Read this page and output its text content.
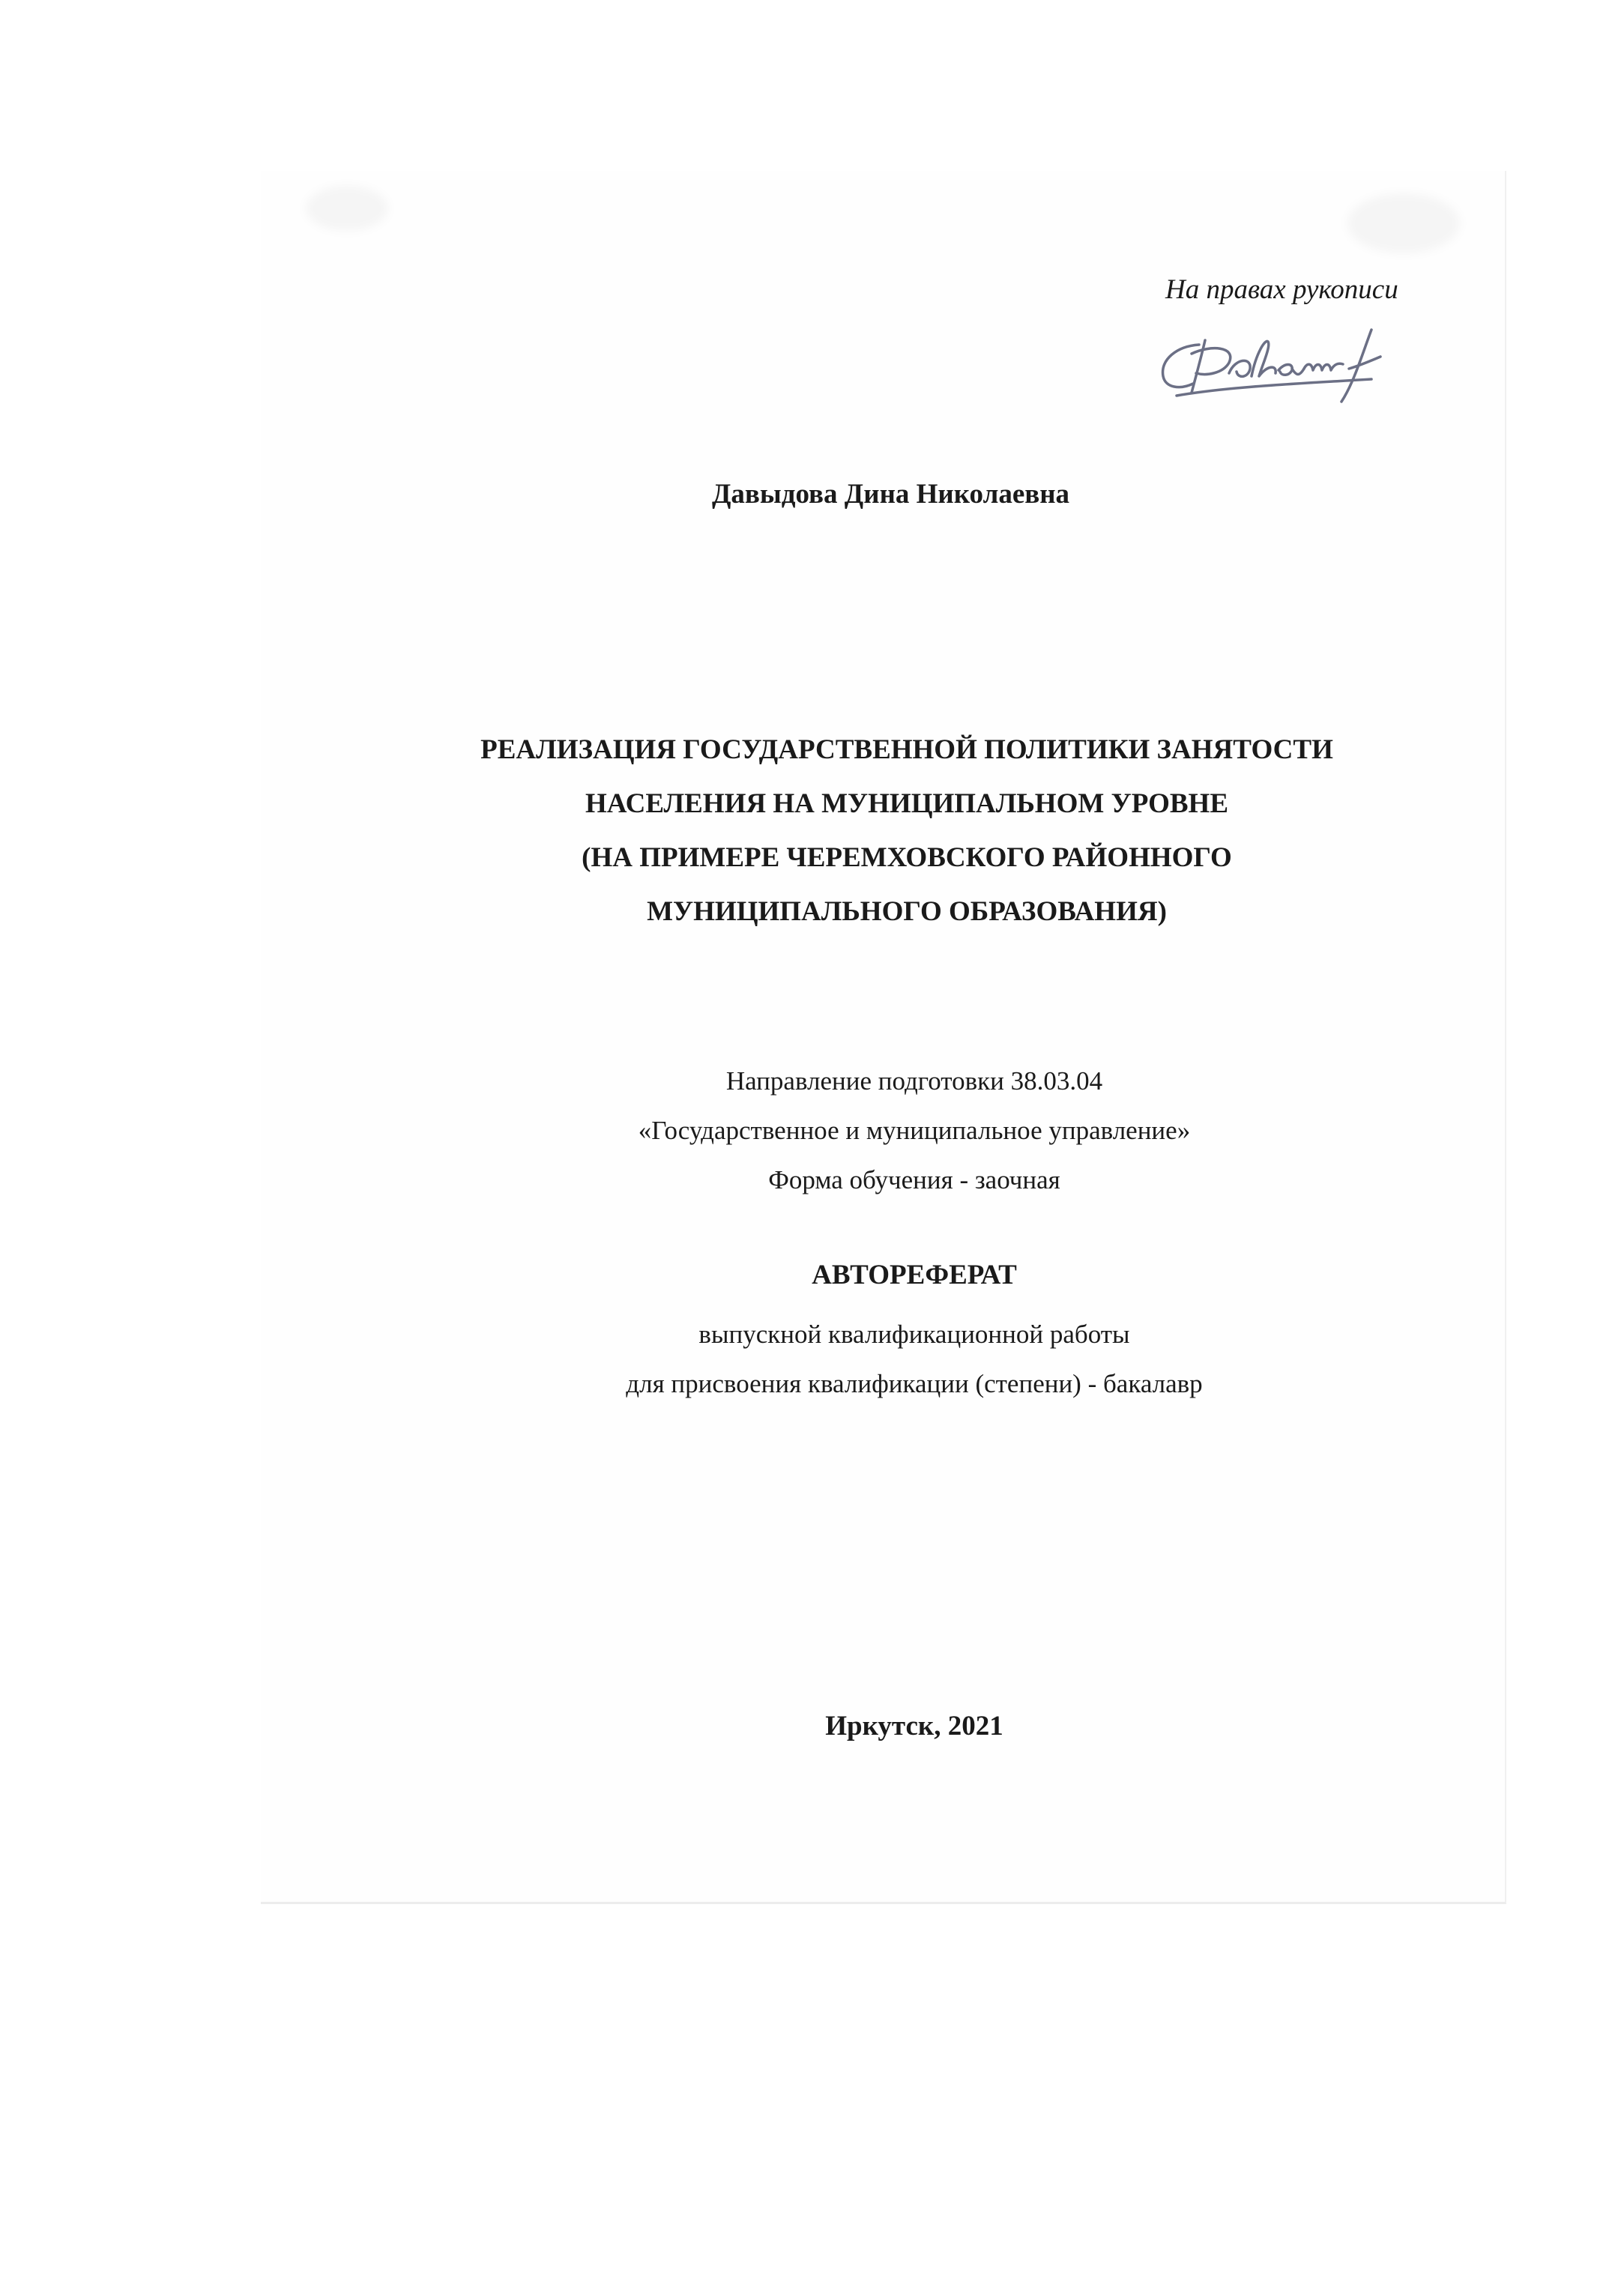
На правах рукописи
Давыдова Дина Николаевна
РЕАЛИЗАЦИЯ ГОСУДАРСТВЕННОЙ ПОЛИТИКИ ЗАНЯТОСТИ
НАСЕЛЕНИЯ НА МУНИЦИПАЛЬНОМ УРОВНЕ
(НА ПРИМЕРЕ ЧЕРЕМХОВСКОГО РАЙОННОГО
МУНИЦИПАЛЬНОГО ОБРАЗОВАНИЯ)
Направление подготовки 38.03.04
«Государственное и муниципальное управление»
Форма обучения - заочная
АВТОРЕФЕРАТ
выпускной квалификационной работы
для присвоения квалификации (степени) - бакалавр
Иркутск, 2021
